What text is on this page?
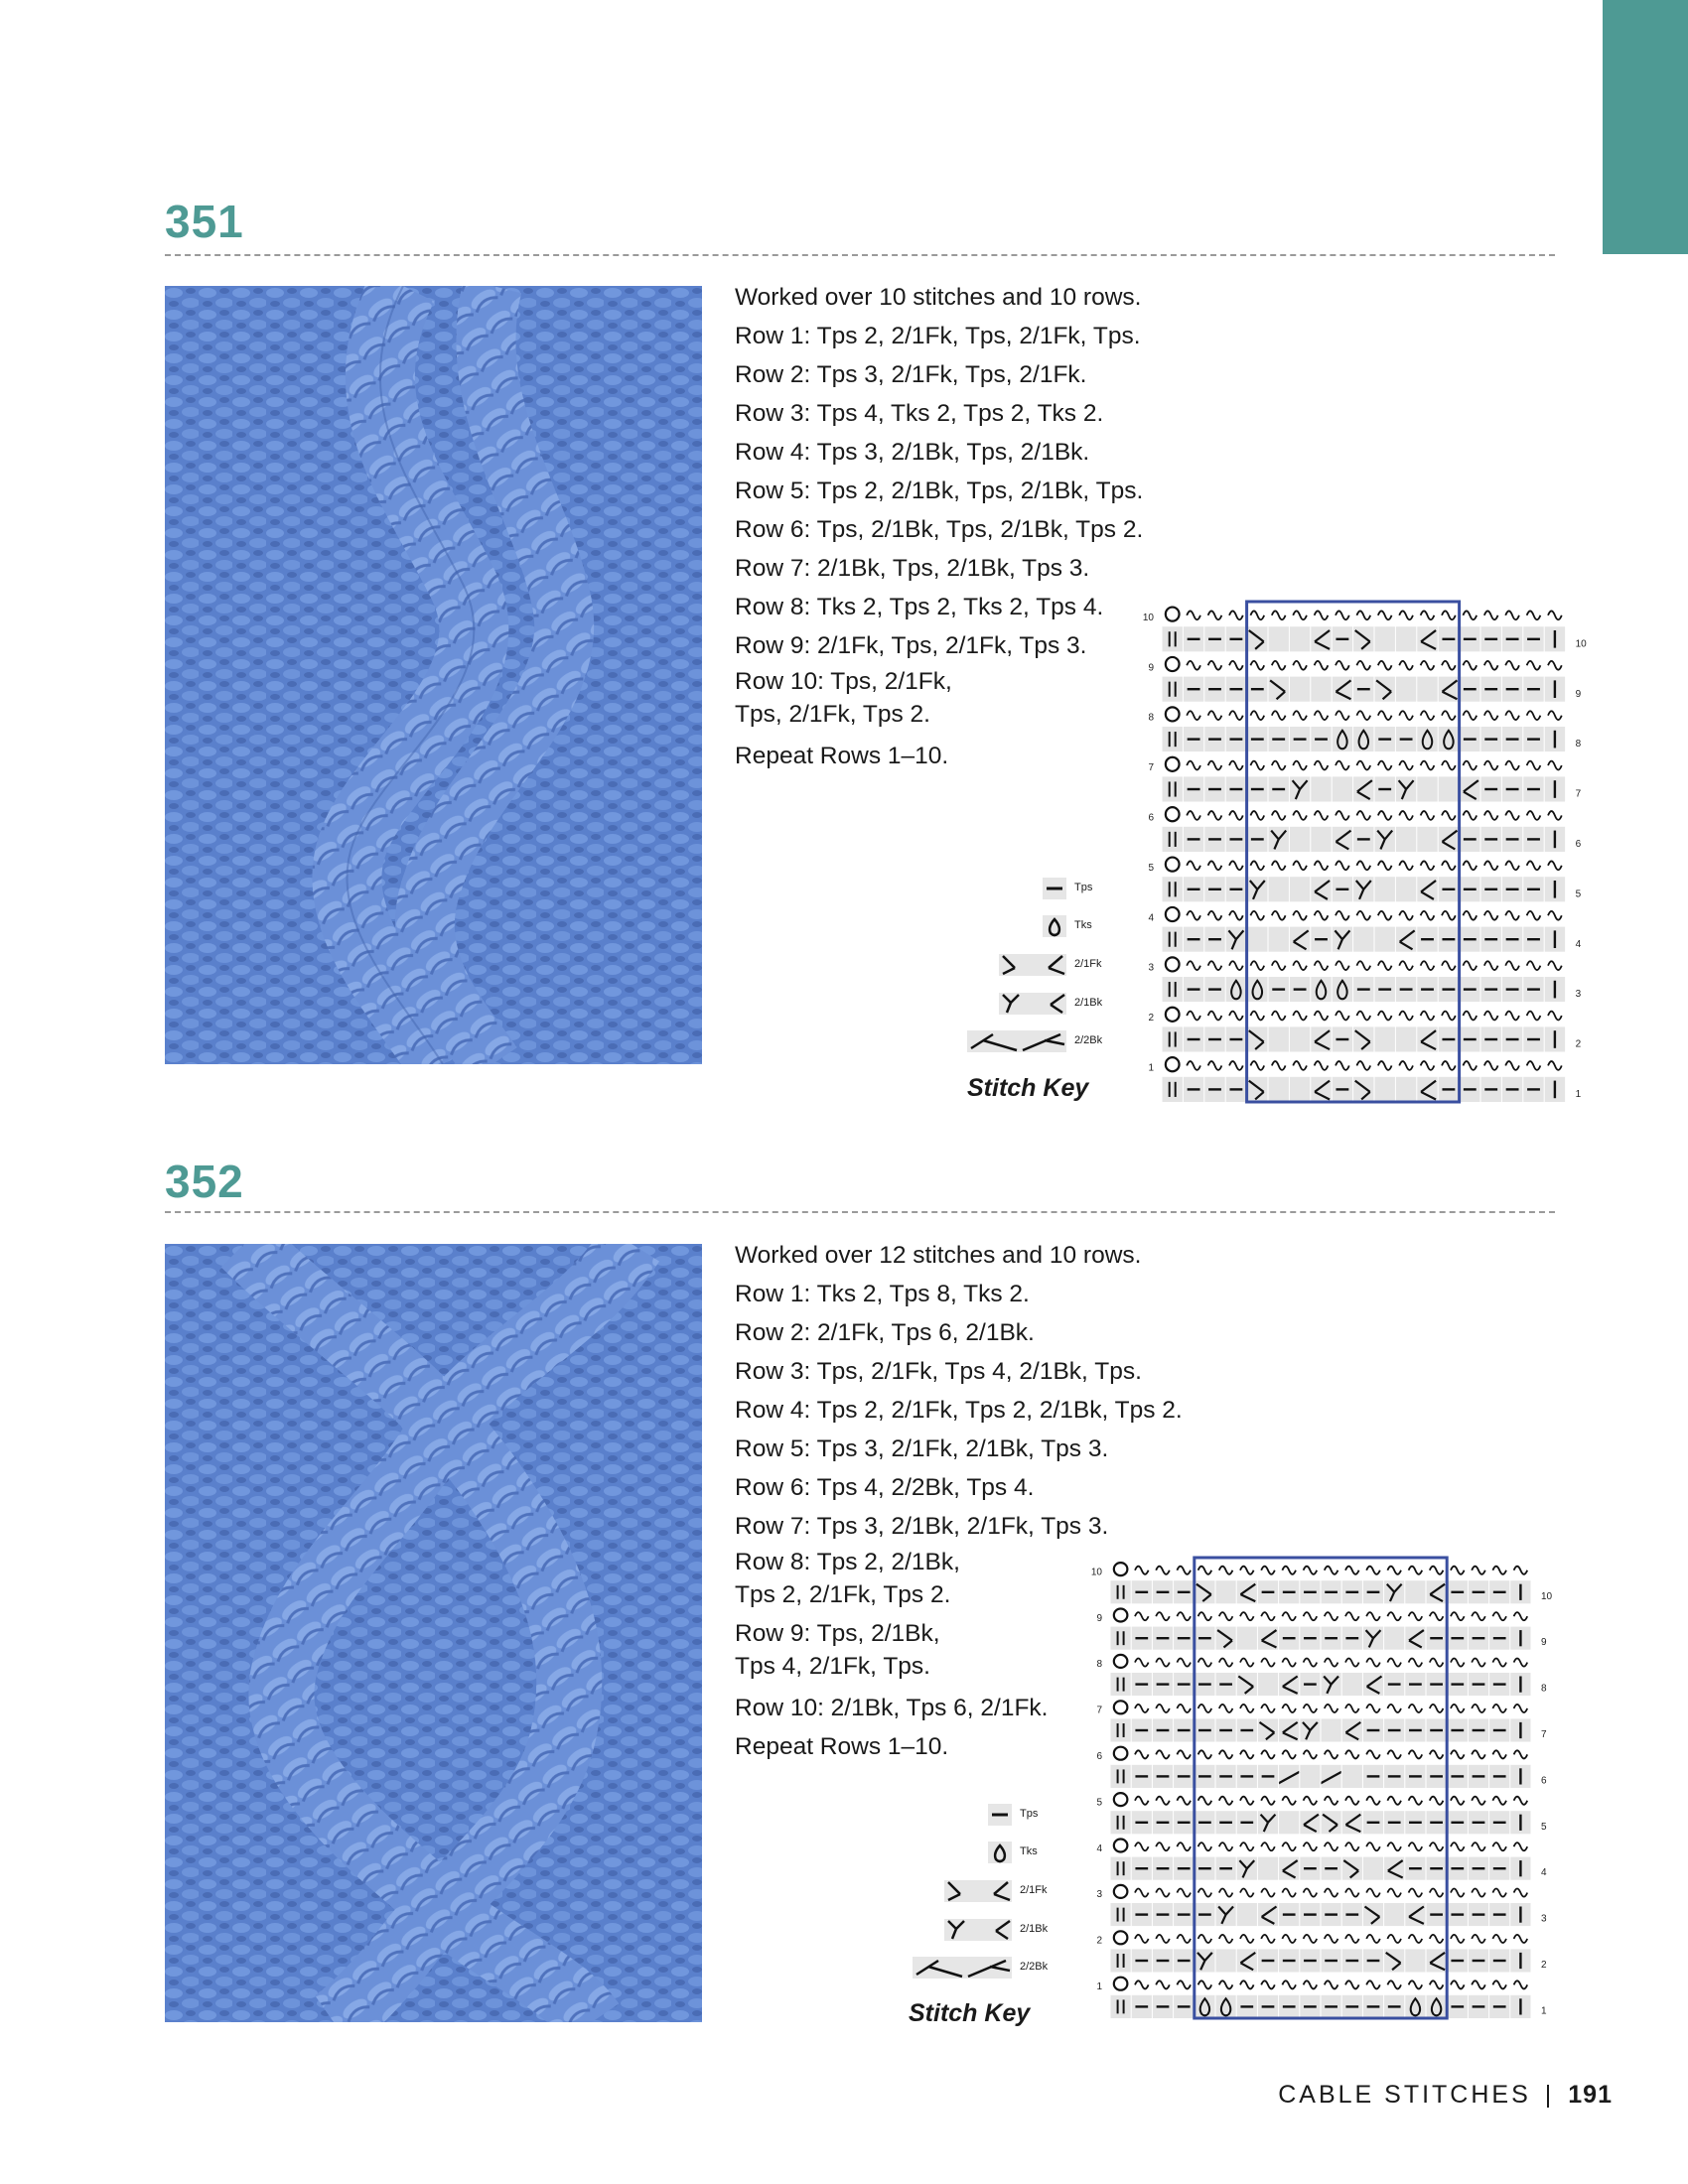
351
Worked over 10 stitches and 10 rows.
Row 1: Tps 2, 2/1Fk, Tps, 2/1Fk, Tps.
Row 2: Tps 3, 2/1Fk, Tps, 2/1Fk.
Row 3: Tps 4, Tks 2, Tps 2, Tks 2.
Row 4: Tps 3, 2/1Bk, Tps, 2/1Bk.
Row 5: Tps 2, 2/1Bk, Tps, 2/1Bk, Tps.
Row 6: Tps, 2/1Bk, Tps, 2/1Bk, Tps 2.
Row 7: 2/1Bk, Tps, 2/1Bk, Tps 3.
Row 8: Tks 2, Tps 2, Tks 2, Tps 4.
Row 9: 2/1Fk, Tps, 2/1Fk, Tps 3.
Row 10: Tps, 2/1Fk,
Tps, 2/1Fk, Tps 2.
Repeat Rows 1–10.
Tps
Tks
2/1Fk
2/1Bk
2/2Bk
Stitch Key
10
10
9
9
8
8
7
7
6
6
5
5
4
4
3
3
2
2
1
1
352
Worked over 12 stitches and 10 rows.
Row 1: Tks 2, Tps 8, Tks 2.
Row 2: 2/1Fk, Tps 6, 2/1Bk.
Row 3: Tps, 2/1Fk, Tps 4, 2/1Bk, Tps.
Row 4: Tps 2, 2/1Fk, Tps 2, 2/1Bk, Tps 2.
Row 5: Tps 3, 2/1Fk, 2/1Bk, Tps 3.
Row 6: Tps 4, 2/2Bk, Tps 4.
Row 7: Tps 3, 2/1Bk, 2/1Fk, Tps 3.
Row 8: Tps 2, 2/1Bk,
Tps 2, 2/1Fk, Tps 2.
Row 9: Tps, 2/1Bk,
Tps 4, 2/1Fk, Tps.
Row 10: 2/1Bk, Tps 6, 2/1Fk.
Repeat Rows 1–10.
Tps
Tks
2/1Fk
2/1Bk
2/2Bk
Stitch Key
10
10
9
9
8
8
7
7
6
6
5
5
4
4
3
3
2
2
1
1
CABLE STITCHES | 191
